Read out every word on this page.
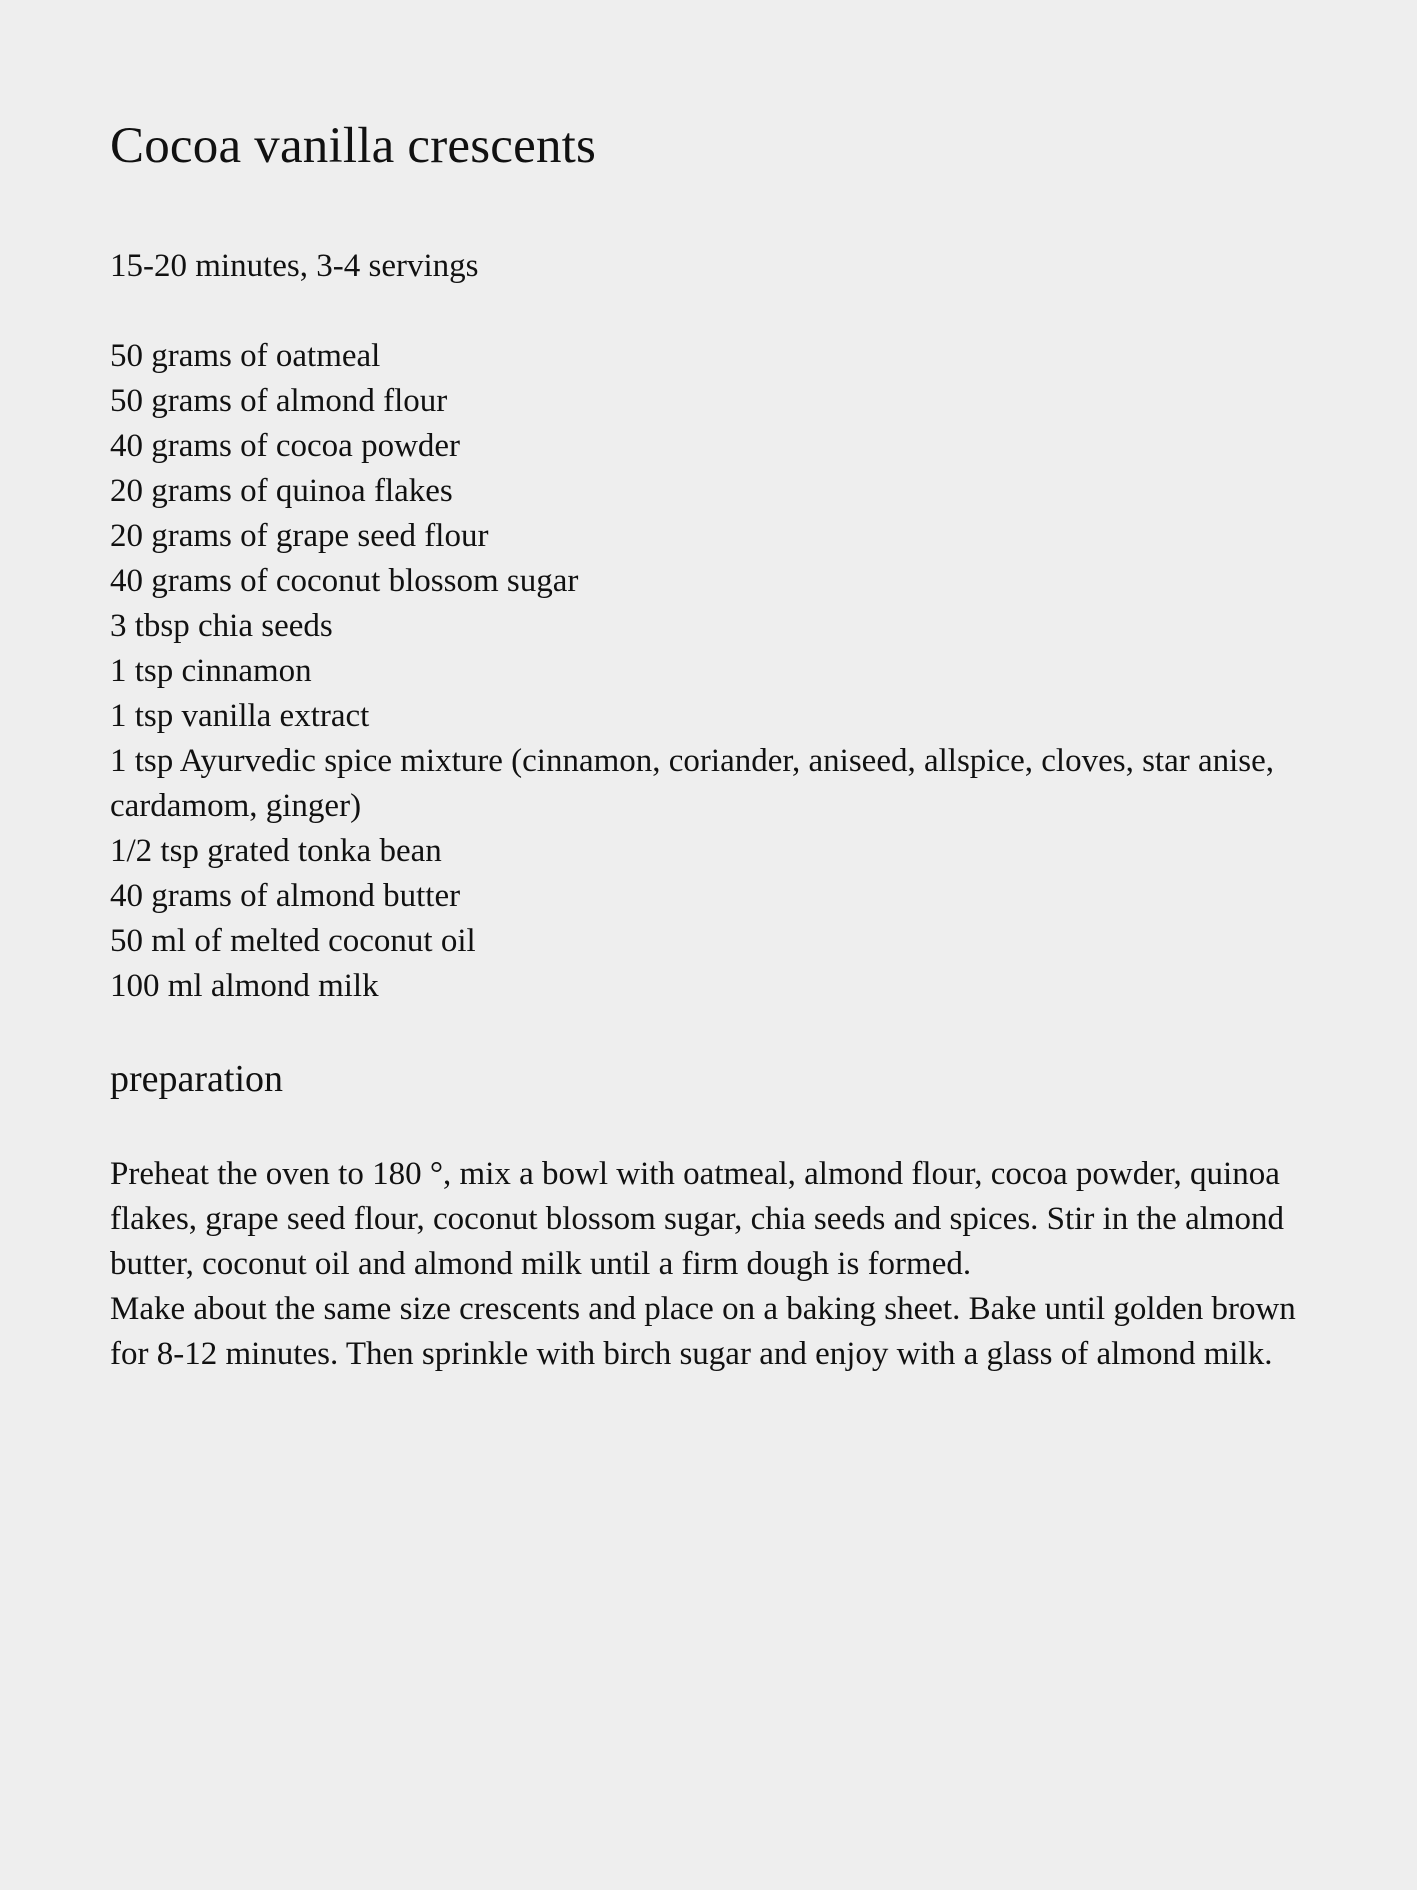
Cocoa vanilla crescents

15-20 minutes, 3-4 servings

50 grams of oatmeal
50 grams of almond flour
40 grams of cocoa powder
20 grams of quinoa flakes
20 grams of grape seed flour
40 grams of coconut blossom sugar
3 tbsp chia seeds
1 tsp cinnamon
1 tsp vanilla extract
1 tsp Ayurvedic spice mixture (cinnamon, coriander, aniseed, allspice, cloves, star anise, cardamom, ginger)
1/2 tsp grated tonka bean
40 grams of almond butter
50 ml of melted coconut oil
100 ml almond milk
preparation

Preheat the oven to 180 °, mix a bowl with oatmeal, almond flour, cocoa powder, quinoa flakes, grape seed flour, coconut blossom sugar, chia seeds and spices. Stir in the almond butter, coconut oil and almond milk until a firm dough is formed.

Make about the same size crescents and place on a baking sheet. Bake until golden brown for 8-12 minutes. Then sprinkle with birch sugar and enjoy with a glass of almond milk.
